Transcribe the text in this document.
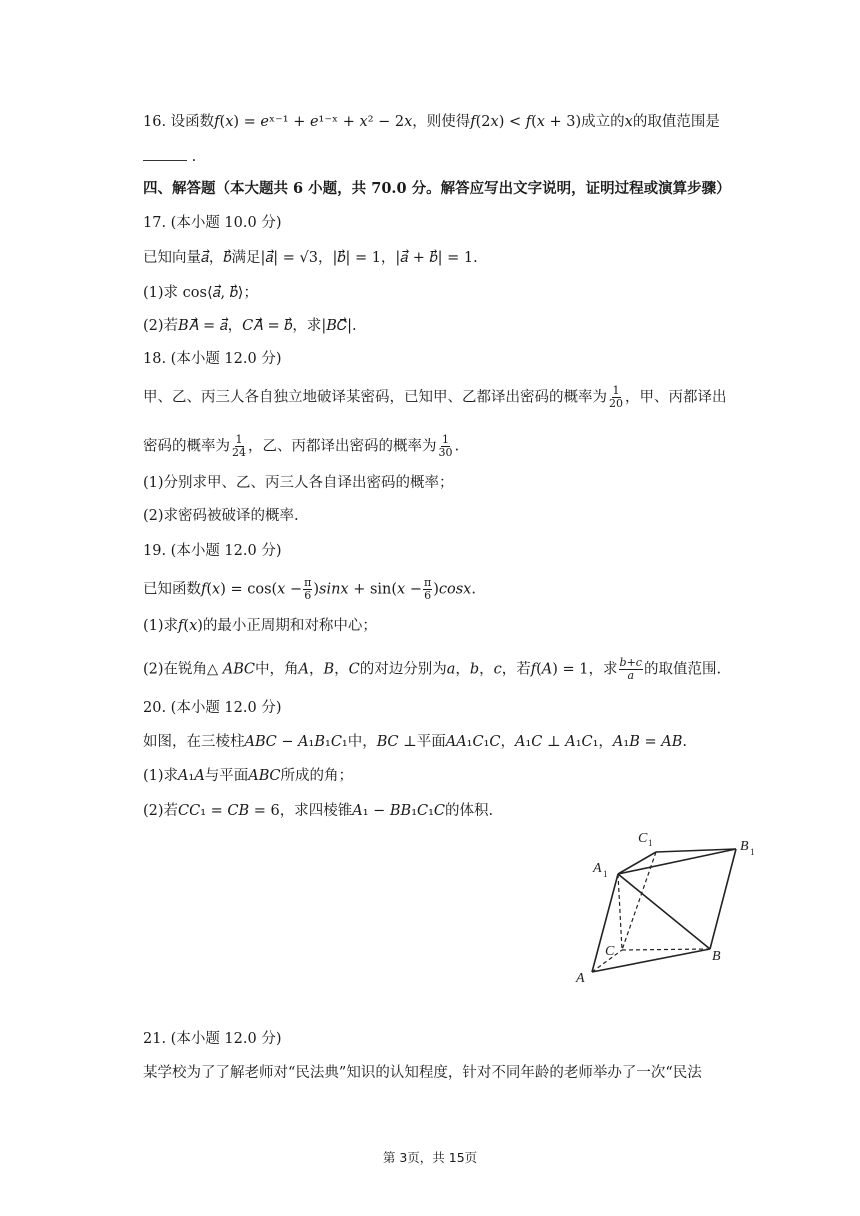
16. 设函数𝑓(𝑥) = 𝑒ˣ⁻¹ + 𝑒¹⁻ˣ + 𝑥² − 2𝑥，则使得𝑓(2𝑥) < 𝑓(𝑥 + 3)成立的𝑥的取值范围是
.
四、解答题（本大题共 6 小题，共 70.0 分。解答应写出文字说明，证明过程或演算步骤）
17. (本小题 10.0 分)
已知向量𝑎⃗，𝑏⃗满足|𝑎⃗| = √3，|𝑏⃗| = 1，|𝑎⃗ + 𝑏⃗| = 1.
(1)求 cos⟨𝑎⃗, 𝑏⃗⟩；
(2)若𝐵𝐴⃗ = 𝑎⃗，𝐶𝐴⃗ = 𝑏⃗，求|𝐵𝐶⃗|.
18. (本小题 12.0 分)
甲、乙、丙三人各自独立地破译某密码，已知甲、乙都译出密码的概率为 $\frac{1}{20}$ ，甲、丙都译出
密码的概率为 $\frac{1}{24}$ ，乙、丙都译出密码的概率为 $\frac{1}{30}$ .
(1)分别求甲、乙、丙三人各自译出密码的概率；
(2)求密码被破译的概率.
19. (本小题 12.0 分)
已知函数𝑓(𝑥) = cos(𝑥 − $\frac{\pi}{6}$ )𝑠𝑖𝑛𝑥 + sin(𝑥 − $\frac{\pi}{6}$ )𝑐𝑜𝑠𝑥.
(1)求𝑓(𝑥)的最小正周期和对称中心；
(2)在锐角△ 𝐴𝐵𝐶中，角𝐴，𝐵，𝐶的对边分别为𝑎，𝑏，𝑐，若𝑓(𝐴) = 1，求 $\frac{\text{𝑏+𝑐}}{\text{𝑎}}$ 的取值范围.
20. (本小题 12.0 分)
如图，在三棱柱𝐴𝐵𝐶 − 𝐴₁𝐵₁𝐶₁中，𝐵𝐶 ⊥平面𝐴𝐴₁𝐶₁𝐶，𝐴₁𝐶 ⊥ 𝐴₁𝐶₁，𝐴₁𝐵 = 𝐴𝐵.
(1)求𝐴₁𝐴与平面𝐴𝐵𝐶所成的角；
(2)若𝐶𝐶₁ = 𝐶𝐵 = 6，求四棱锥𝐴₁ − 𝐵𝐵₁𝐶₁𝐶的体积.
C 1	B 1
A 1
C	B
A
21. (本小题 12.0 分)
某学校为了了解老师对“民法典”知识的认知程度，针对不同年龄的老师举办了一次“民法
第 3页，共 15页
